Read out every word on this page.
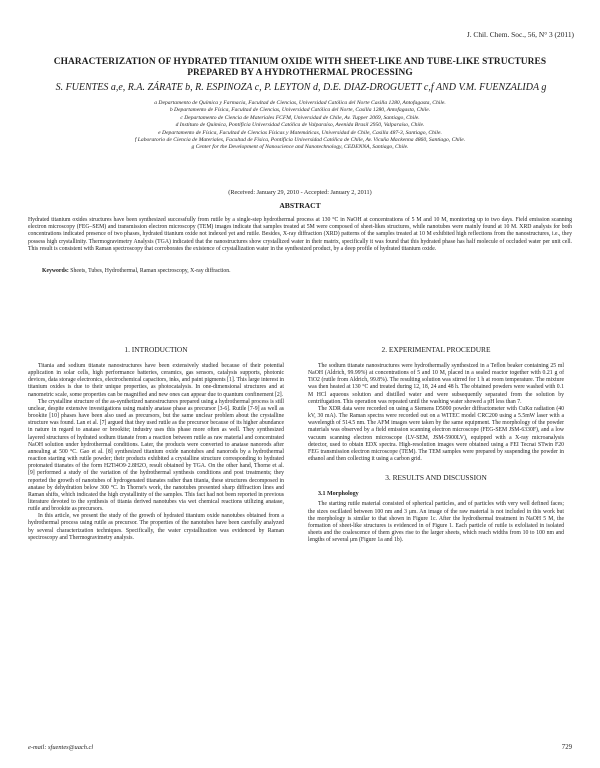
J. Chil. Chem. Soc., 56, N° 3 (2011)
CHARACTERIZATION OF HYDRATED TITANIUM OXIDE WITH SHEET-LIKE AND TUBE-LIKE STRUCTURES PREPARED BY A HYDROTHERMAL PROCESSING
S. FUENTES a,e, R.A. ZÁRATE b, R. ESPINOZA c, P. LEYTON d, D.E. DIAZ-DROGUETT c,f AND V.M. FUENZALIDA g
a Departamento de Química y Farmacia, Facultad de Ciencias, Universidad Católica del Norte Casilla 1280, Antofagasta, Chile.
b Departamento de Física, Facultad de Ciencias, Universidad Católica del Norte, Casilla 1280, Antofagasta, Chile.
c Departamento de Ciencia de Materiales FCFM, Universidad de Chile, Av. Tupper 2069, Santiago, Chile.
d Instituto de Química, Pontificia Universidad Católica de Valparaíso, Avenida Brasil 2950, Valparaíso, Chile.
e Departamento de Física, Facultad de Ciencias Físicas y Matemáticas, Universidad de Chile, Casilla 487-3, Santiago, Chile.
f Laboratorio de Ciencia de Materiales, Facultad de Física, Pontificia Universidad Católica de Chile, Av. Vicuña Mackenna 4860, Santiago, Chile.
g Center for the Development of Nanoscience and Nanotechnology, CEDENNA, Santiago, Chile.
(Received: January 29, 2010 - Accepted: January 2, 2011)
ABSTRACT
Hydrated titanium oxides structures have been synthesized successfully from rutile by a single-step hydrothermal process at 130 °C in NaOH at concentrations of 5 M and 10 M, monitoring up to two days. Field emission scanning electron microscopy (FEG–SEM) and transmission electron microscopy (TEM) images indicate that samples treated at 5M were composed of sheet-likes structures, while nanotubes were mainly found at 10 M. XRD analysis for both concentrations indicated presence of two phases, hydrated titanium oxide not indexed yet and rutile. Besides, X-ray diffraction (XRD) patterns of the samples treated at 10 M exhibited high reflections from the nanostructures, i.e., they possess high crystallinity. Thermogravimetry Analysis (TGA) indicated that the nanostructures show crystallized water in their matrix, specifically it was found that this hydrated phase has half molecule of occluded water per unit cell. This result is consistent with Raman spectroscopy that corroborates the existence of crystallization water in the synthesized product, by a deep profile of hydrated titanium oxide.
Keywords: Sheets, Tubes, Hydrothermal, Raman spectroscopy, X-ray diffraction.
1. INTRODUCTION

Titania and sodium titanate nanostructures have been extensively studied because of their potential application in solar cells, high performance batteries, ceramics, gas sensors, catalysis supports, photonic devices, data storage electronics, electrochemical capacitors, inks, and paint pigments [1]. This large interest in titanium oxides is due to their unique properties, as photocatalysis. In one-dimensional structures and at nanometric scale, some properties can be magnified and new ones can appear due to quantum confinement [2].

The crystalline structure of the as-synthetized nanostructures prepared using a hydrothermal process is still unclear, despite extensive investigations using mainly anatase phase as precursor [3-6]. Rutile [7-9] as well as brookite [10] phases have been also used as precursors, but the same unclear problem about the crystalline structure was found. Lan et al. [7] argued that they used rutile as the precursor because of its higher abundance in nature in regard to anatase or brookite; industry uses this phase more often as well. They synthesized layered structures of hydrated sodium titanate from a reaction between rutile as raw material and concentrated NaOH solution under hydrothermal conditions. Later, the products were converted to anatase nanorods after annealing at 500 °C. Gao et al. [8] synthesized titanium oxide nanotubes and nanorods by a hydrothermal reaction starting with rutile powder; their products exhibited a crystalline structure corresponding to hydrated protonated titanates of the form H2Ti4O9·2.8H2O, result obtained by TGA. On the other hand, Thorne et al. [9] performed a study of the variation of the hydrothermal synthesis conditions and post treatments; they reported the growth of nanotubes of hydrogenated titanates rather than titania, these structures decomposed in anatase by dehydration below 300 °C. In Thorne's work, the nanotubes presented sharp diffraction lines and Raman shifts, which indicated the high crystallinity of the samples. This fact had not been reported in previous literature devoted to the synthesis of titania derived nanotubes via wet chemical reactions utilizing anatase, rutile and brookite as precursors.

In this article, we present the study of the growth of hydrated titanium oxide nanotubes obtained from a hydrothermal process using rutile as precursor. The properties of the nanotubes have been carefully analyzed by several characterization techniques. Specifically, the water crystallization was evidenced by Raman spectroscopy and Thermogravimetry analysis.

2. EXPERIMENTAL PROCEDURE

The sodium titanate nanostructures were hydrothermally synthesized in a Teflon beaker containing 25 ml NaOH (Aldrich, 99.99%) at concentrations of 5 and 10 M, placed in a sealed reactor together with 0.21 g of TiO2 (rutile from Aldrich, 99.8%). The resulting solution was stirred for 1 h at room temperature. The mixture was then heated at 130 °C and treated during 12, 18, 24 and 48 h. The obtained powders were washed with 0.1 M HCl aqueous solution and distilled water and were subsequently separated from the solution by centrifugation. This operation was repeated until the washing water showed a pH less than 7.

The XDR data were recorded on using a Siemens D5000 powder diffractometer with CuKα radiation (40 kV, 30 mA). The Raman spectra were recorded out on a WITEC model CRC200 using a 5.5mW laser with a wavelength of 514.5 nm. The AFM images were taken by the same equipment. The morphology of the powder materials was observed by a field emission scanning electron microscope (FEG-SEM JSM-6330F), and a low vacuum scanning electron microscope (LV-SEM, JSM-5900LV), equipped with a X-ray microanalysis detector, used to obtain EDX spectra. High-resolution images were obtained using a FEI Tecnai STwin F20 FEG transmission electron microscope (TEM). The TEM samples were prepared by suspending the powder in ethanol and then collecting it using a carbon grid.

3. RESULTS AND DISCUSSION
3.1 Morphology

The starting rutile material consisted of spherical particles, and of particles with very well defined faces; the sizes oscillated between 100 nm and 3 μm. An image of the raw material is not included in this work but the morphology is similar to that shown in Figure 1c. After the hydrothermal treatment in NaOH 5 M, the formation of sheet-like structures is evidenced in of Figure 1. Each particle of rutile is exfoliated in isolated sheets and the coalescence of them gives rise to the larger sheets, which reach widths from 10 to 100 nm and lengths of several μm (Figure 1a and 1b).

e-mail: sfuentes@uach.cl	729
